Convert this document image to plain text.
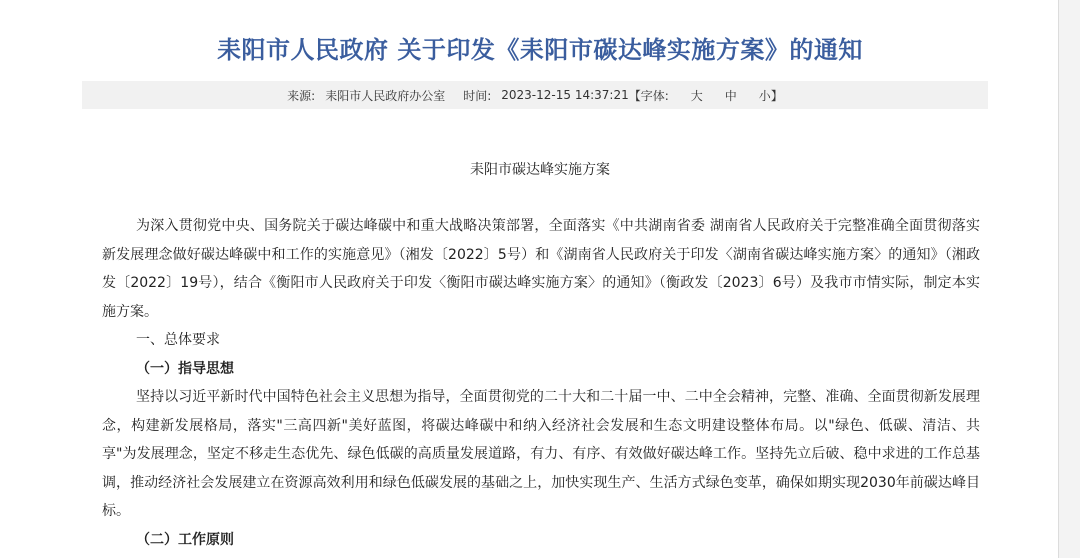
耒阳市人民政府 关于印发《耒阳市碳达峰实施方案》的通知
来源: 耒阳市人民政府办公室 时间: 2023-12-15 14:37:21 【字体: 大 中 小 】
耒阳市碳达峰实施方案

为深入贯彻党中央、国务院关于碳达峰碳中和重大战略决策部署，全面落实《中共湖南省委 湖南省人民政府关于完整准确全面贯彻落实新发展理念做好碳达峰碳中和工作的实施意见》（湘发〔2022〕5号）和《湖南省人民政府关于印发〈湖南省碳达峰实施方案〉的通知》（湘政发〔2022〕19号），结合《衡阳市人民政府关于印发〈衡阳市碳达峰实施方案〉的通知》（衡政发〔2023〕6号）及我市市情实际，制定本实施方案。

一、总体要求

（一）指导思想

坚持以习近平新时代中国特色社会主义思想为指导，全面贯彻党的二十大和二十届一中、二中全会精神，完整、准确、全面贯彻新发展理念，构建新发展格局，落实"三高四新"美好蓝图，将碳达峰碳中和纳入经济社会发展和生态文明建设整体布局。以"绿色、低碳、清洁、共享"为发展理念，坚定不移走生态优先、绿色低碳的高质量发展道路，有力、有序、有效做好碳达峰工作。坚持先立后破、稳中求进的工作总基调，推动经济社会发展建立在资源高效利用和绿色低碳发展的基础之上，加快实现生产、生活方式绿色变革，确保如期实现2030年前碳达峰目标。

（二）工作原则
